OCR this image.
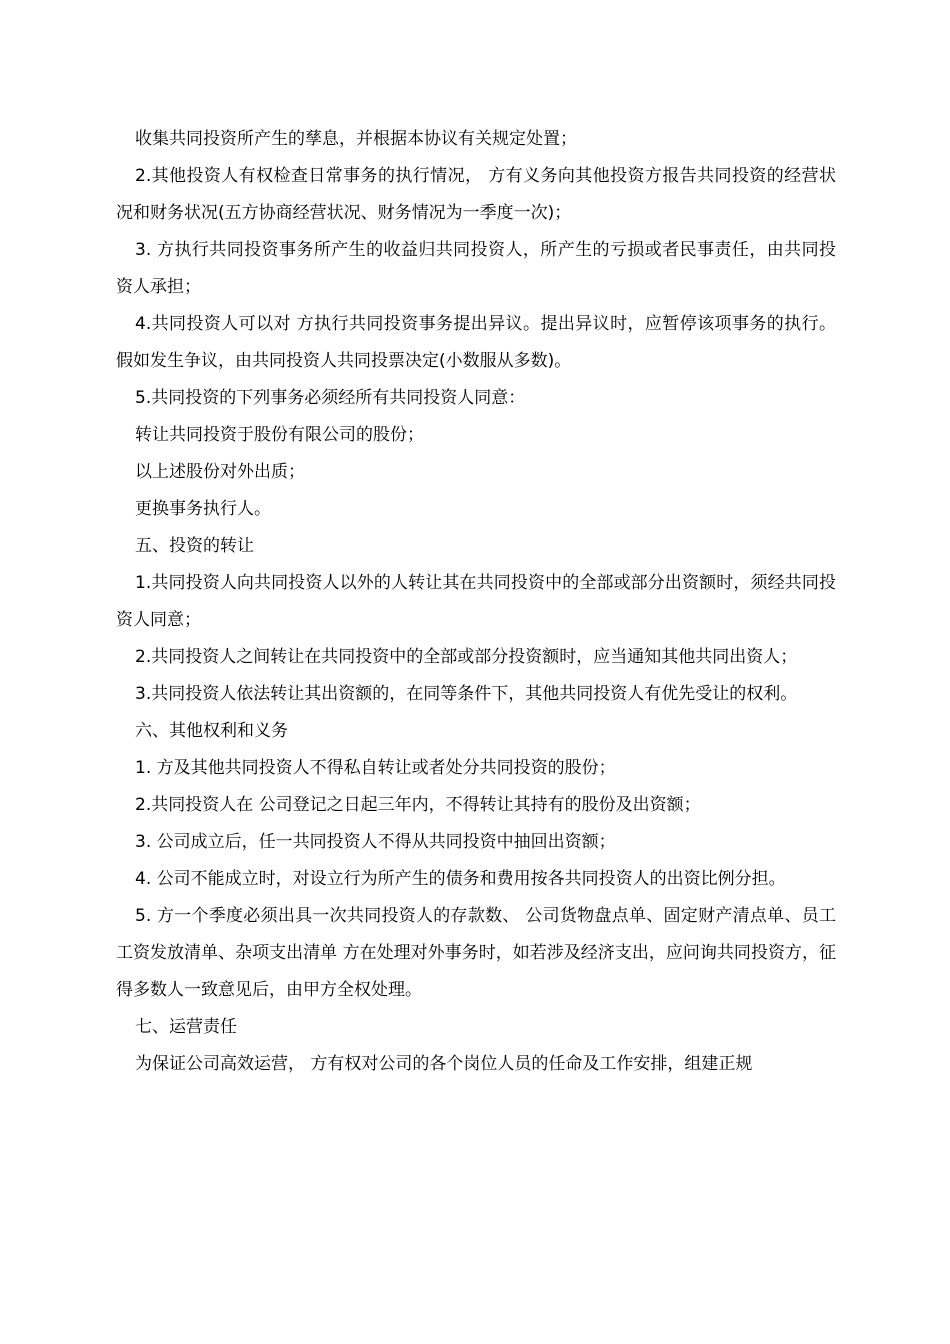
收集共同投资所产生的孳息，并根据本协议有关规定处置；

2.其他投资人有权检查日常事务的执行情况， 方有义务向其他投资方报告共同投资的经营状况和财务状况(五方协商经营状况、财务情况为一季度一次)；

3. 方执行共同投资事务所产生的收益归共同投资人，所产生的亏损或者民事责任，由共同投资人承担；

4.共同投资人可以对 方执行共同投资事务提出异议。提出异议时，应暂停该项事务的执行。假如发生争议，由共同投资人共同投票决定(小数服从多数)。

5.共同投资的下列事务必须经所有共同投资人同意：

转让共同投资于股份有限公司的股份；

以上述股份对外出质；

更换事务执行人。

五、投资的转让

1.共同投资人向共同投资人以外的人转让其在共同投资中的全部或部分出资额时，须经共同投资人同意；

2.共同投资人之间转让在共同投资中的全部或部分投资额时，应当通知其他共同出资人；

3.共同投资人依法转让其出资额的，在同等条件下，其他共同投资人有优先受让的权利。

六、其他权利和义务

1. 方及其他共同投资人不得私自转让或者处分共同投资的股份；

2.共同投资人在 公司登记之日起三年内，不得转让其持有的股份及出资额；

3. 公司成立后，任一共同投资人不得从共同投资中抽回出资额；

4. 公司不能成立时，对设立行为所产生的债务和费用按各共同投资人的出资比例分担。

5. 方一个季度必须出具一次共同投资人的存款数、 公司货物盘点单、固定财产清点单、员工工资发放清单、杂项支出清单 方在处理对外事务时，如若涉及经济支出，应问询共同投资方，征得多数人一致意见后，由甲方全权处理。

七、运营责任

为保证公司高效运营， 方有权对公司的各个岗位人员的任命及工作安排，组建正规
